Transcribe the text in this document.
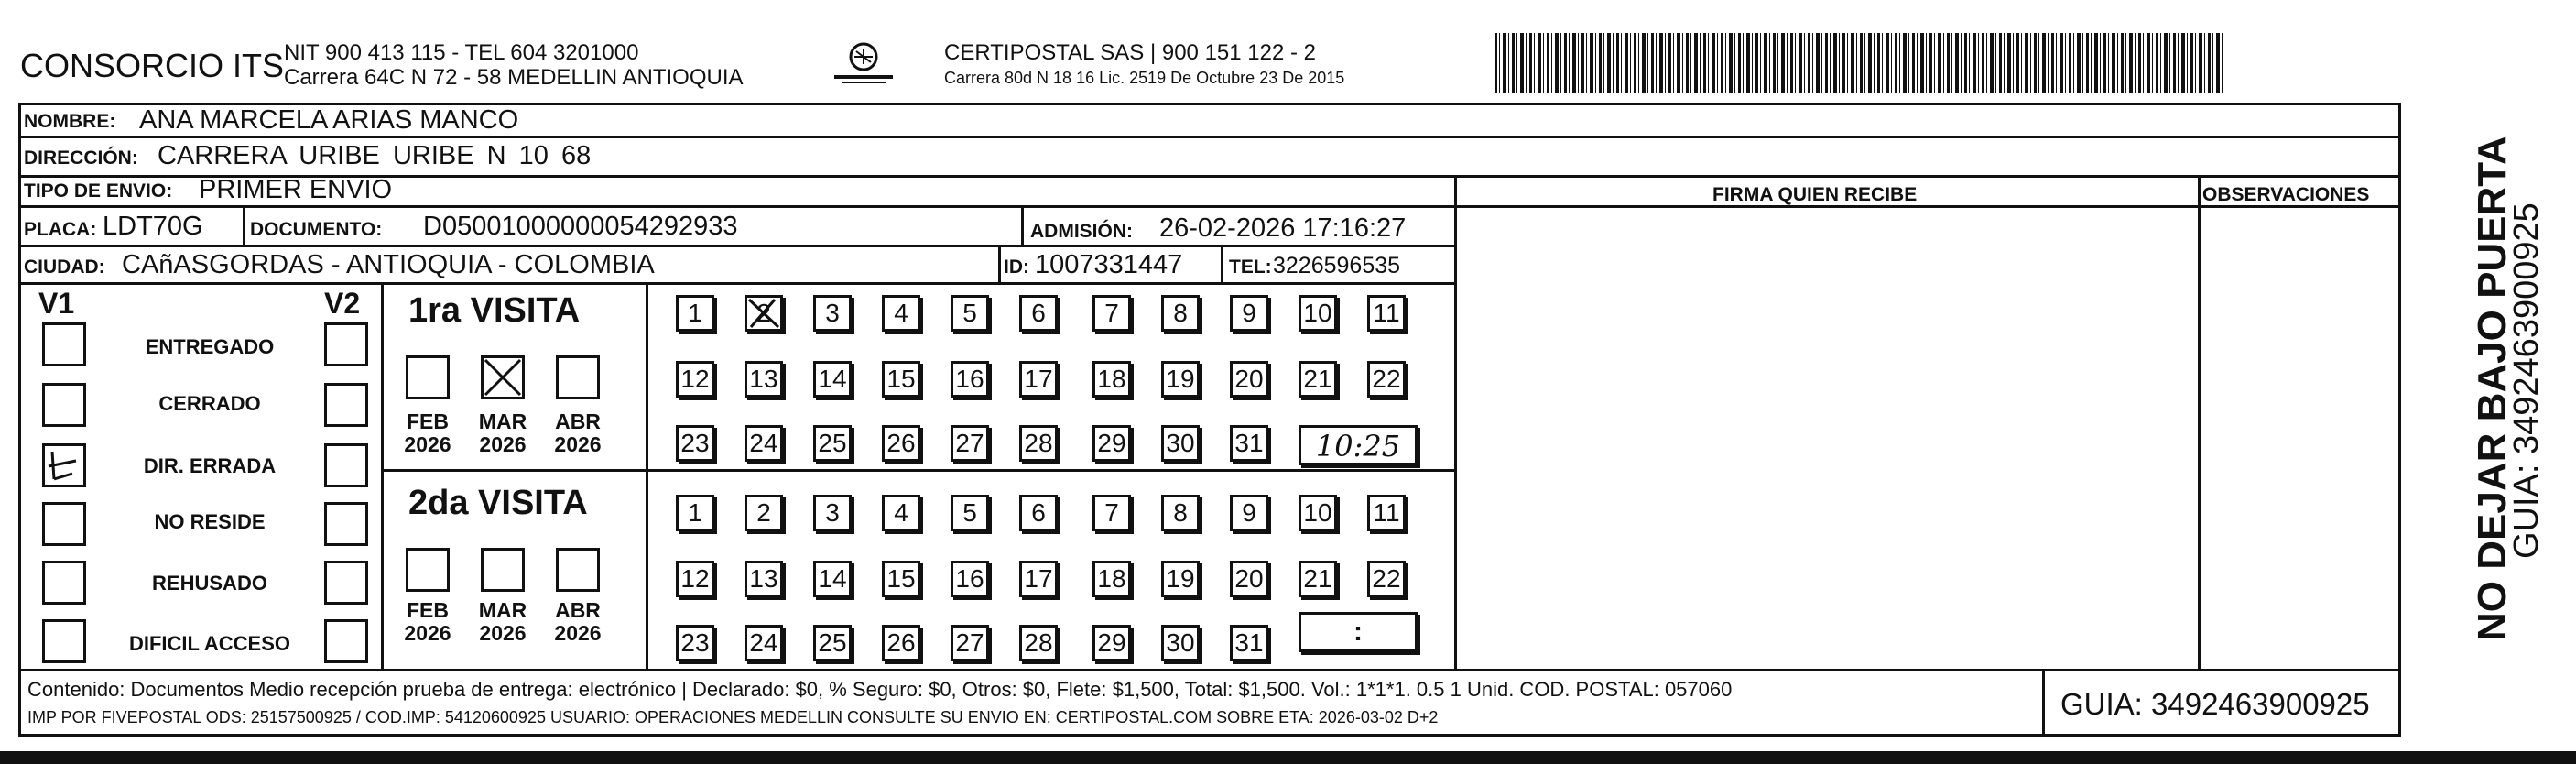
CONSORCIO ITS NIT 900 413 115 - TEL 604 3201000
Carrera 64C N 72 - 58 MEDELLIN ANTIOQUIA
CERTIPOSTAL SAS | 900 151 122 - 2
Carrera 80d N 18 16 Lic. 2519 De Octubre 23 De 2015
NOMBRE: ANA MARCELA ARIAS MANCO
DIRECCIÓN: CARRERA URIBE URIBE N 10 68
TIPO DE ENVIO: PRIMER ENVIO	FIRMA QUIEN RECIBE	OBSERVACIONES
PLACA: LDT70G DOCUMENTO: D05001000000054292933	ADMISIÓN: 26-02-2026 17:16:27
CIUDAD: CAñASGORDAS - ANTIOQUIA - COLOMBIA	ID: 1007331447 TEL: 3226596535
V1	V2
ENTREGADO
CERRADO
DIR. ERRADA
NO RESIDE
REHUSADO
DIFICIL ACCESO
1ra VISITA
FEB
2026
MAR
2026
ABR
2026
1	2	3	4	5	6	7	8	9	10 11
12 13 14 15 16 17 18 19 20 21 22
23 24 25 26 27 28 29 30 31	10:25
2da VISITA
FEB
2026
MAR
2026
ABR
2026
1	2	3	4	5	6	7	8	9	10 11
12 13 14 15 16 17 18 19 20 21 22
23 24 25 26 27 28 29 30 31	:
Contenido: Documentos Medio recepción prueba de entrega: electrónico | Declarado: $0, % Seguro: $0, Otros: $0, Flete: $1,500, Total: $1,500. Vol.: 1*1*1. 0.5 1 Unid. COD. POSTAL: 057060
IMP POR FIVEPOSTAL ODS: 25157500925 / COD.IMP: 54120600925 USUARIO: OPERACIONES MEDELLIN CONSULTE SU ENVIO EN: CERTIPOSTAL.COM SOBRE ETA: 2026-03-02 D+2	GUIA: 3492463900925
NO DEJAR BAJO PUERTA
GUIA: 3492463900925
